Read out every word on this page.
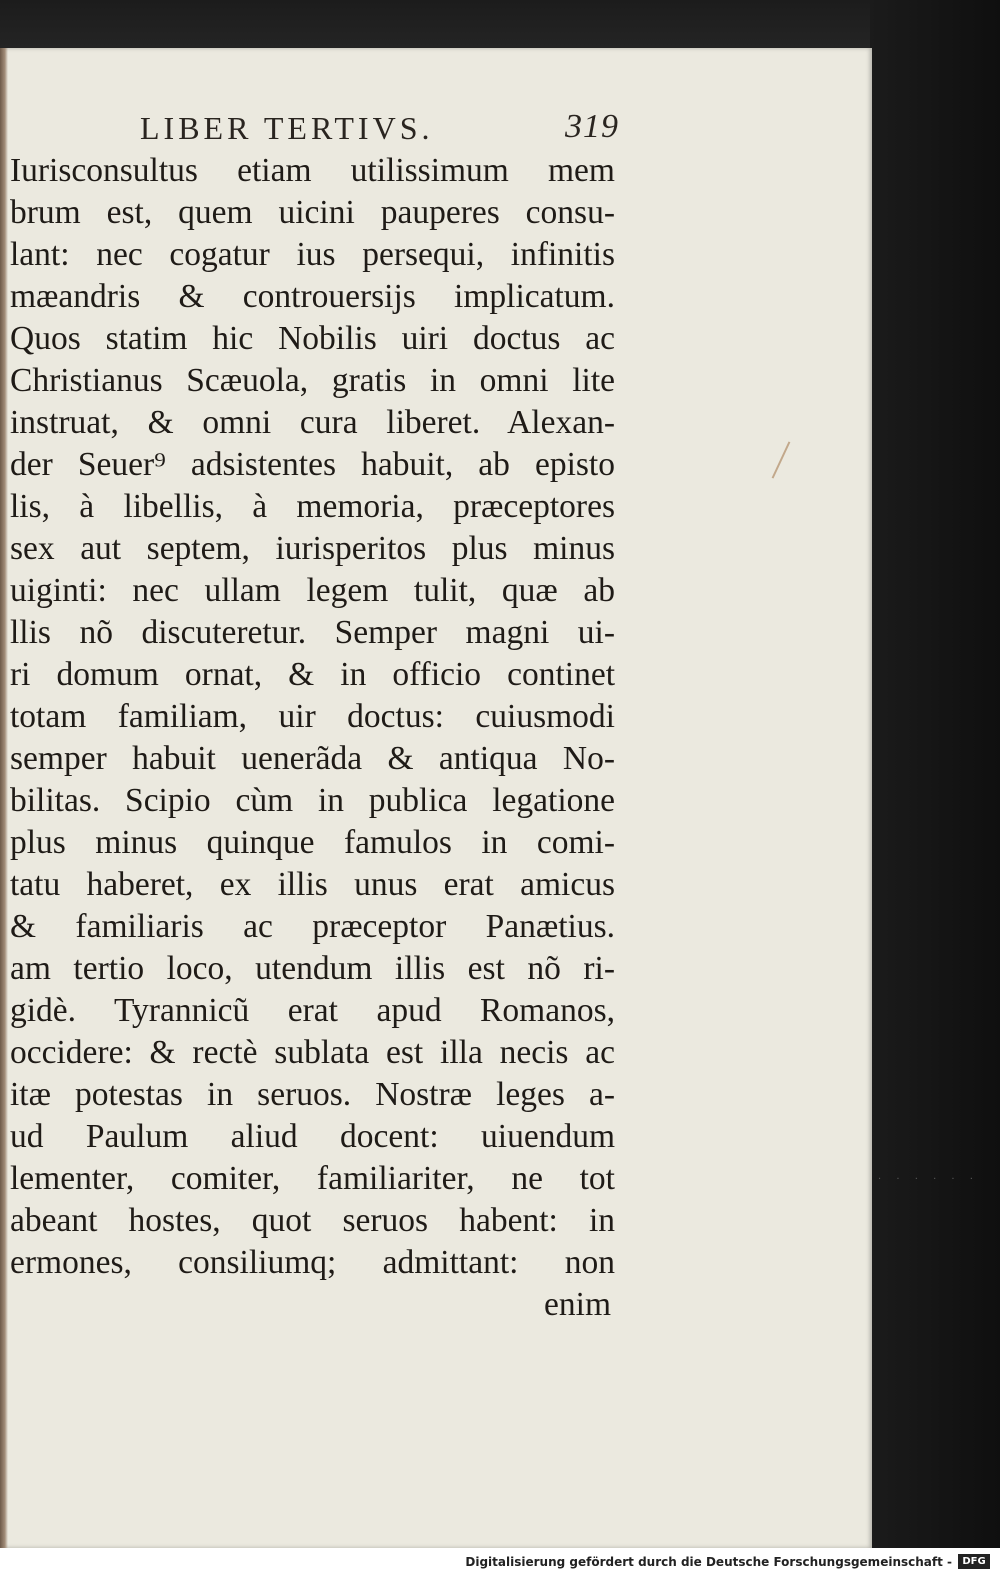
· · · · · ·
LIBER TERTIVS.	319
Iurisconsultus etiam utilissimum mem
brum est, quem uicini pauperes consu-
lant: nec cogatur ius persequi, infinitis
mæandris & controuersijs implicatum.
Quos statim hic Nobilis uiri doctus ac
Christianus Scæuola, gratis in omni lite
instruat, & omni cura liberet. Alexan-
der Seuer⁹ adsistentes habuit, ab episto
lis, à libellis, à memoria, præceptores
sex aut septem, iurisperitos plus minus
uiginti: nec ullam legem tulit, quæ ab
llis nõ discuteretur. Semper magni ui-
ri domum ornat, & in officio continet
totam familiam, uir doctus: cuiusmodi
semper habuit uenerãda & antiqua No-
bilitas. Scipio cùm in publica legatione
plus minus quinque famulos in comi-
tatu haberet, ex illis unus erat amicus
& familiaris ac præceptor Panætius.
am tertio loco, utendum illis est nõ ri-
gidè. Tyrannicũ erat apud Romanos,
occidere: & rectè sublata est illa necis ac
itæ potestas in seruos. Nostræ leges a-
ud Paulum aliud docent: uiuendum
lementer, comiter, familiariter, ne tot
abeant hostes, quot seruos habent: in
ermones, consiliumq; admittant: non
enim
Digitalisierung gefördert durch die Deutsche Forschungsgemeinschaft -	DFG
